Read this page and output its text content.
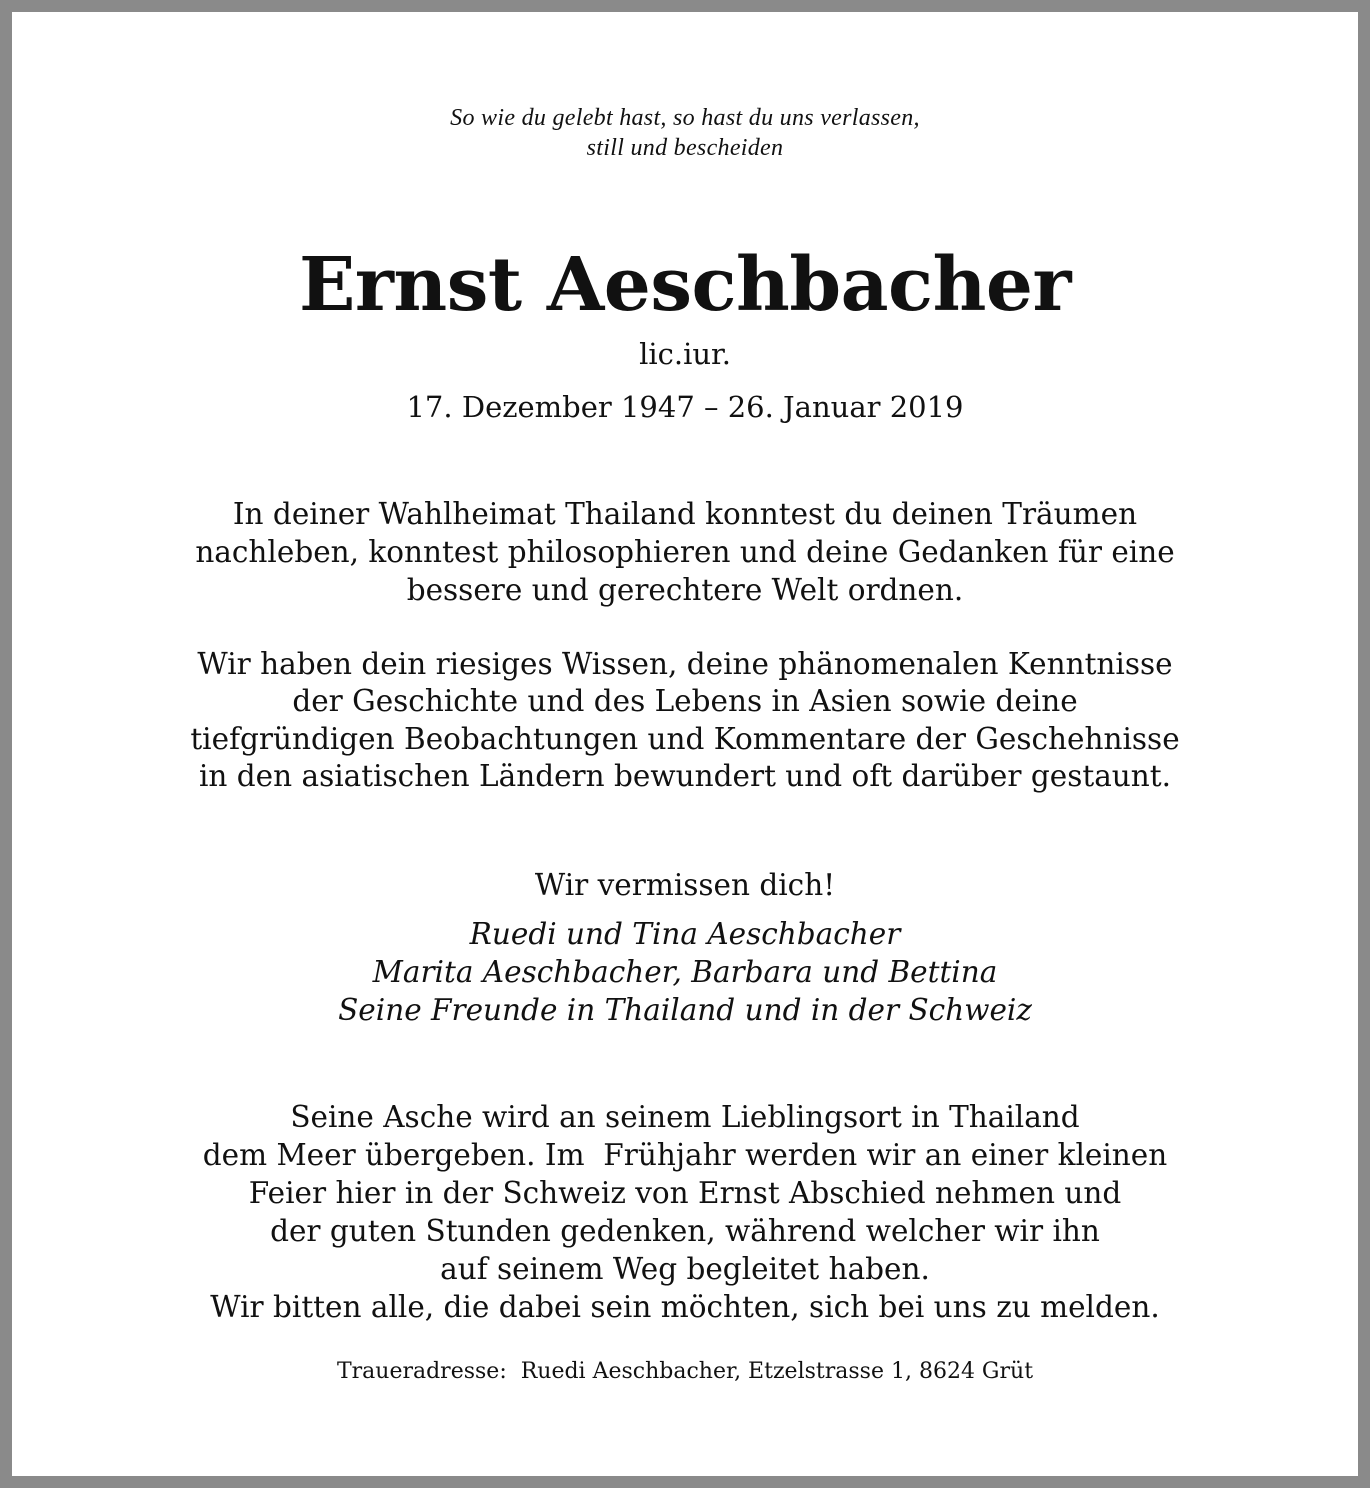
So wie du gelebt hast, so hast du uns verlassen,
still und bescheiden
Ernst Aeschbacher
lic.iur.
17. Dezember 1947 – 26. Januar 2019
In deiner Wahlheimat Thailand konntest du deinen Träumen
nachleben, konntest philosophieren und deine Gedanken für eine
bessere und gerechtere Welt ordnen.
Wir haben dein riesiges Wissen, deine phänomenalen Kenntnisse
der Geschichte und des Lebens in Asien sowie deine
tiefgründigen Beobachtungen und Kommentare der Geschehnisse
in den asiatischen Ländern bewundert und oft darüber gestaunt.
Wir vermissen dich!
Ruedi und Tina Aeschbacher
Marita Aeschbacher, Barbara und Bettina
Seine Freunde in Thailand und in der Schweiz
Seine Asche wird an seinem Lieblingsort in Thailand
dem Meer übergeben. Im  Frühjahr werden wir an einer kleinen
Feier hier in der Schweiz von Ernst Abschied nehmen und
der guten Stunden gedenken, während welcher wir ihn
auf seinem Weg begleitet haben.
Wir bitten alle, die dabei sein möchten, sich bei uns zu melden.
Traueradresse:  Ruedi Aeschbacher, Etzelstrasse 1, 8624 Grüt
